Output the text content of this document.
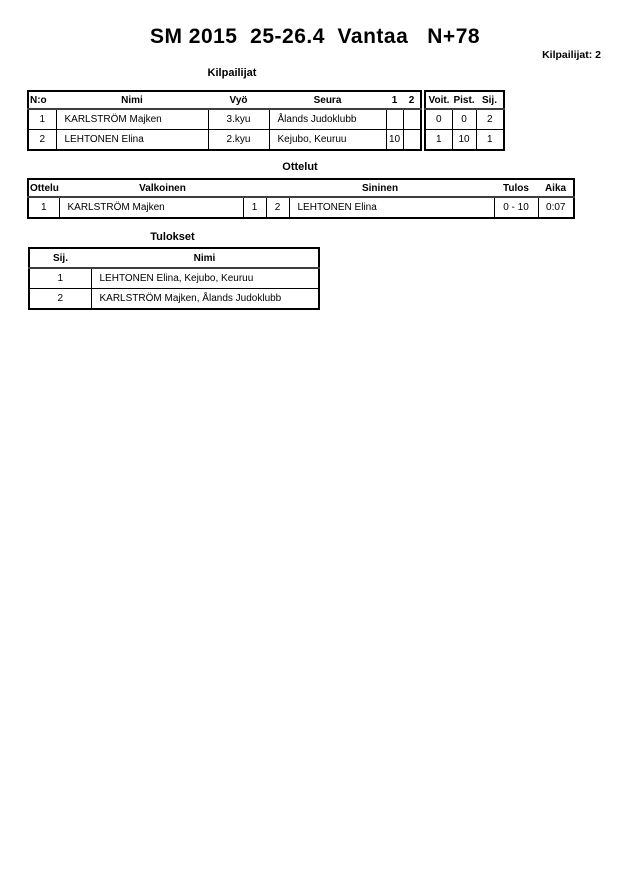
SM 2015  25-26.4  Vantaa   N+78
Kilpailijat: 2
Kilpailijat
N:o	Nimi	Vyö	Seura	1	2
1	KARLSTRÖM Majken	3.kyu	Ålands Judoklubb		
2	LEHTONEN Elina	2.kyu	Kejubo, Keuruu	10	
Voit.	Pist.	Sij.
0	0	2
1	10	1
Ottelut
Ottelu	Valkoinen		Sininen		Tulos	Aika
1	KARLSTRÖM Majken	1	2	LEHTONEN Elina	0 - 10	0:07
Tulokset
Sij.	Nimi
1	LEHTONEN Elina, Kejubo, Keuruu
2	KARLSTRÖM Majken, Ålands Judoklubb
